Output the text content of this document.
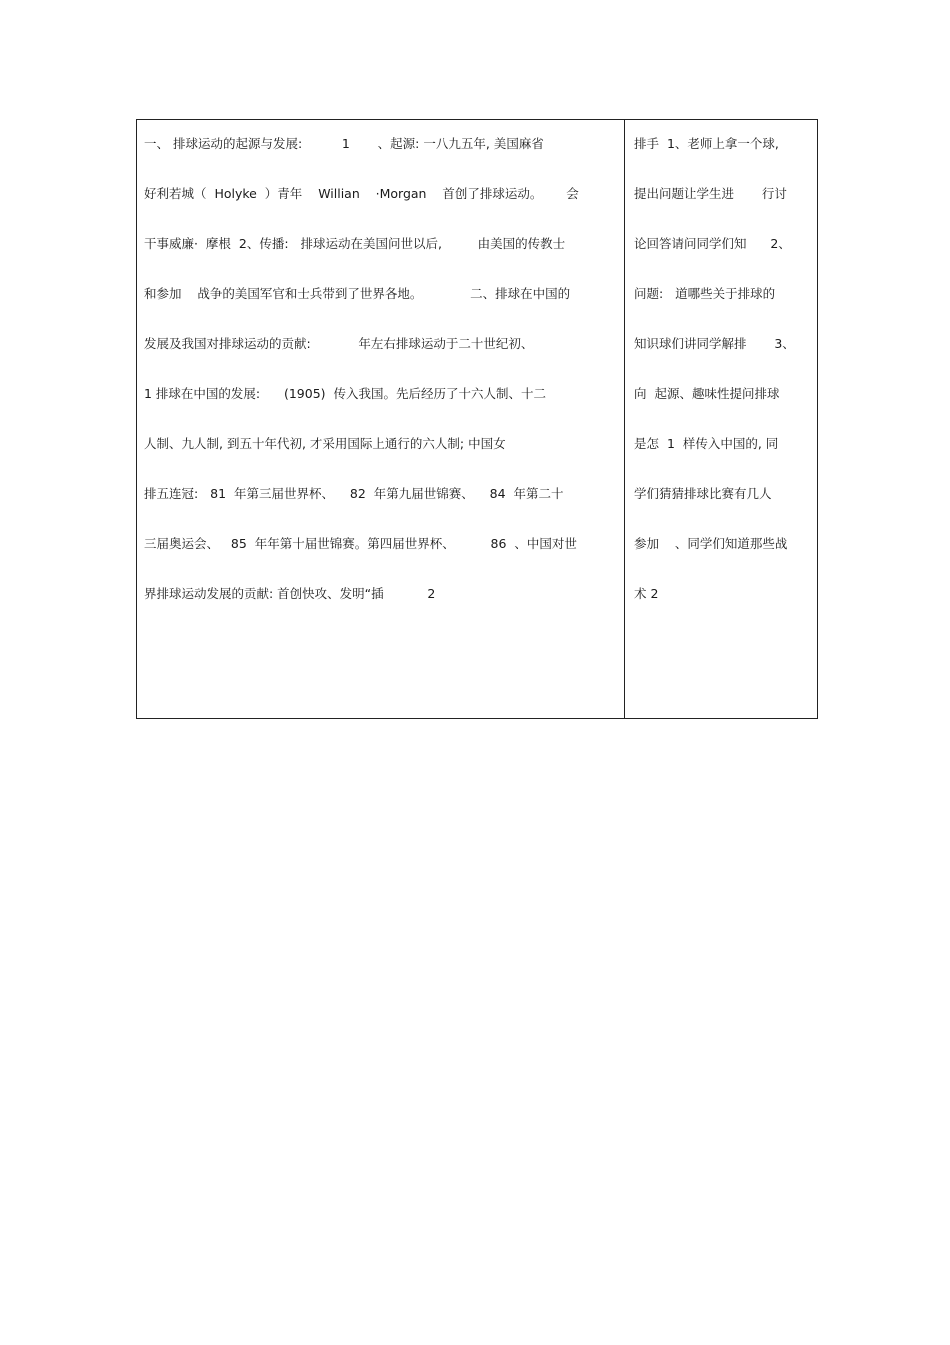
一、 排球运动的起源与发展:          1       、起源: 一八九五年, 美国麻省
好利若城（  Holyke  ）青年    Willian    ·Morgan    首创了排球运动。      会
干事威廉·  摩根  2、传播:   排球运动在美国问世以后,         由美国的传教士
和参加    战争的美国军官和士兵带到了世界各地。            二、排球在中国的
发展及我国对排球运动的贡献:            年左右排球运动于二十世纪初、
1 排球在中国的发展:      (1905)  传入我国。先后经历了十六人制、十二
人制、九人制, 到五十年代初, 才采用国际上通行的六人制; 中国女
排五连冠:   81  年第三届世界杯、    82  年第九届世锦赛、    84  年第二十
三届奥运会、   85  年年第十届世锦赛。第四届世界杯、         86  、中国对世
界排球运动发展的贡献: 首创快攻、发明“插           2
排手  1、老师上拿一个球,
提出问题让学生进       行讨
论回答请问同学们知      2、
问题:   道哪些关于排球的
知识球们讲同学解排       3、
向  起源、趣味性提问排球
是怎  1  样传入中国的, 同
学们猜猜排球比赛有几人
参加    、同学们知道那些战
术 2
